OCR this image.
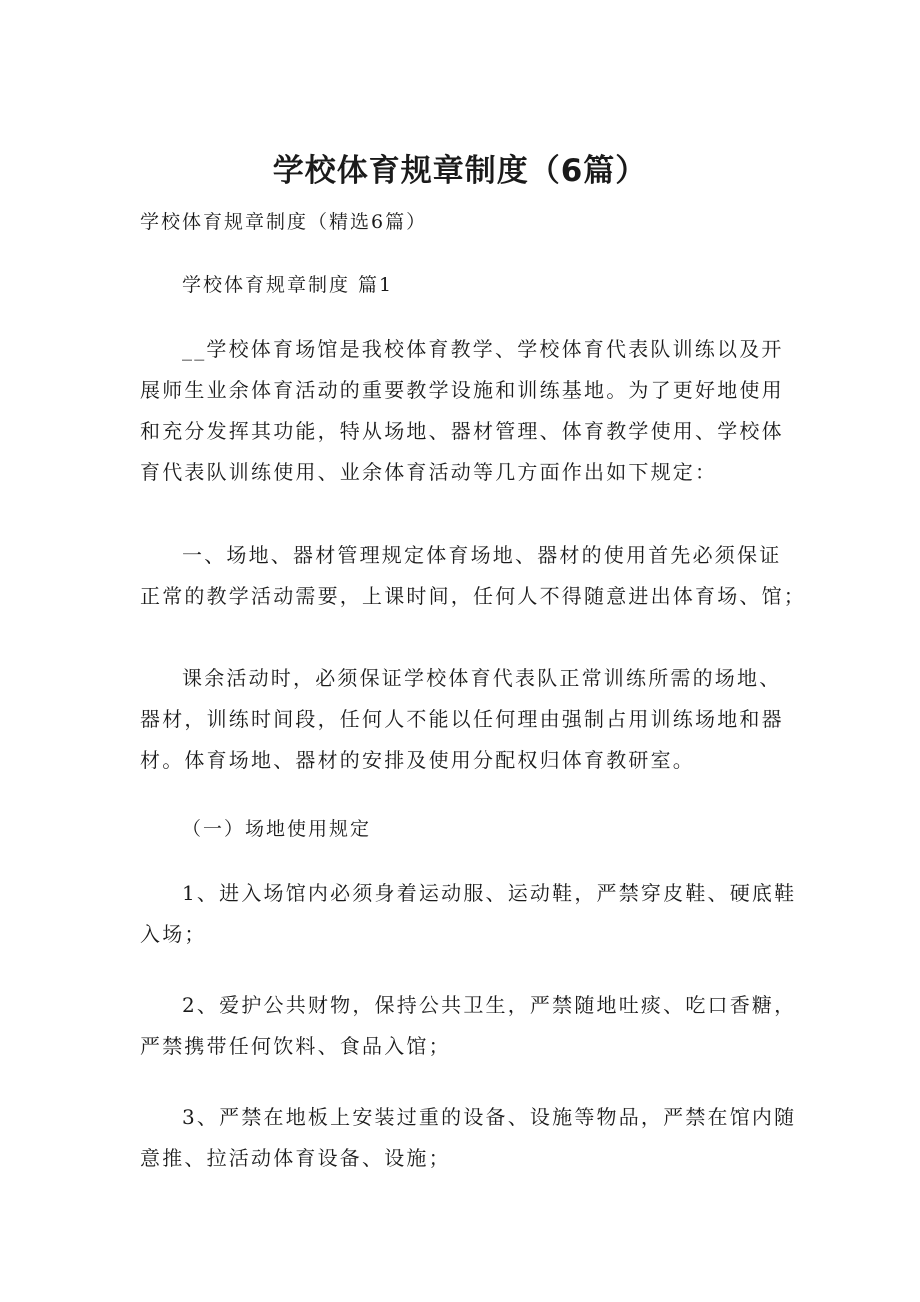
学校体育规章制度（6篇）
学校体育规章制度（精选6篇）
学校体育规章制度 篇1
__学校体育场馆是我校体育教学、学校体育代表队训练以及开
展师生业余体育活动的重要教学设施和训练基地。为了更好地使用
和充分发挥其功能，特从场地、器材管理、体育教学使用、学校体
育代表队训练使用、业余体育活动等几方面作出如下规定：
一、场地、器材管理规定体育场地、器材的使用首先必须保证
正常的教学活动需要，上课时间，任何人不得随意进出体育场、馆；
课余活动时，必须保证学校体育代表队正常训练所需的场地、
器材，训练时间段，任何人不能以任何理由强制占用训练场地和器
材。体育场地、器材的安排及使用分配权归体育教研室。
（一）场地使用规定
1、进入场馆内必须身着运动服、运动鞋，严禁穿皮鞋、硬底鞋
入场；
2、爱护公共财物，保持公共卫生，严禁随地吐痰、吃口香糖，
严禁携带任何饮料、食品入馆；
3、严禁在地板上安装过重的设备、设施等物品，严禁在馆内随
意推、拉活动体育设备、设施；
